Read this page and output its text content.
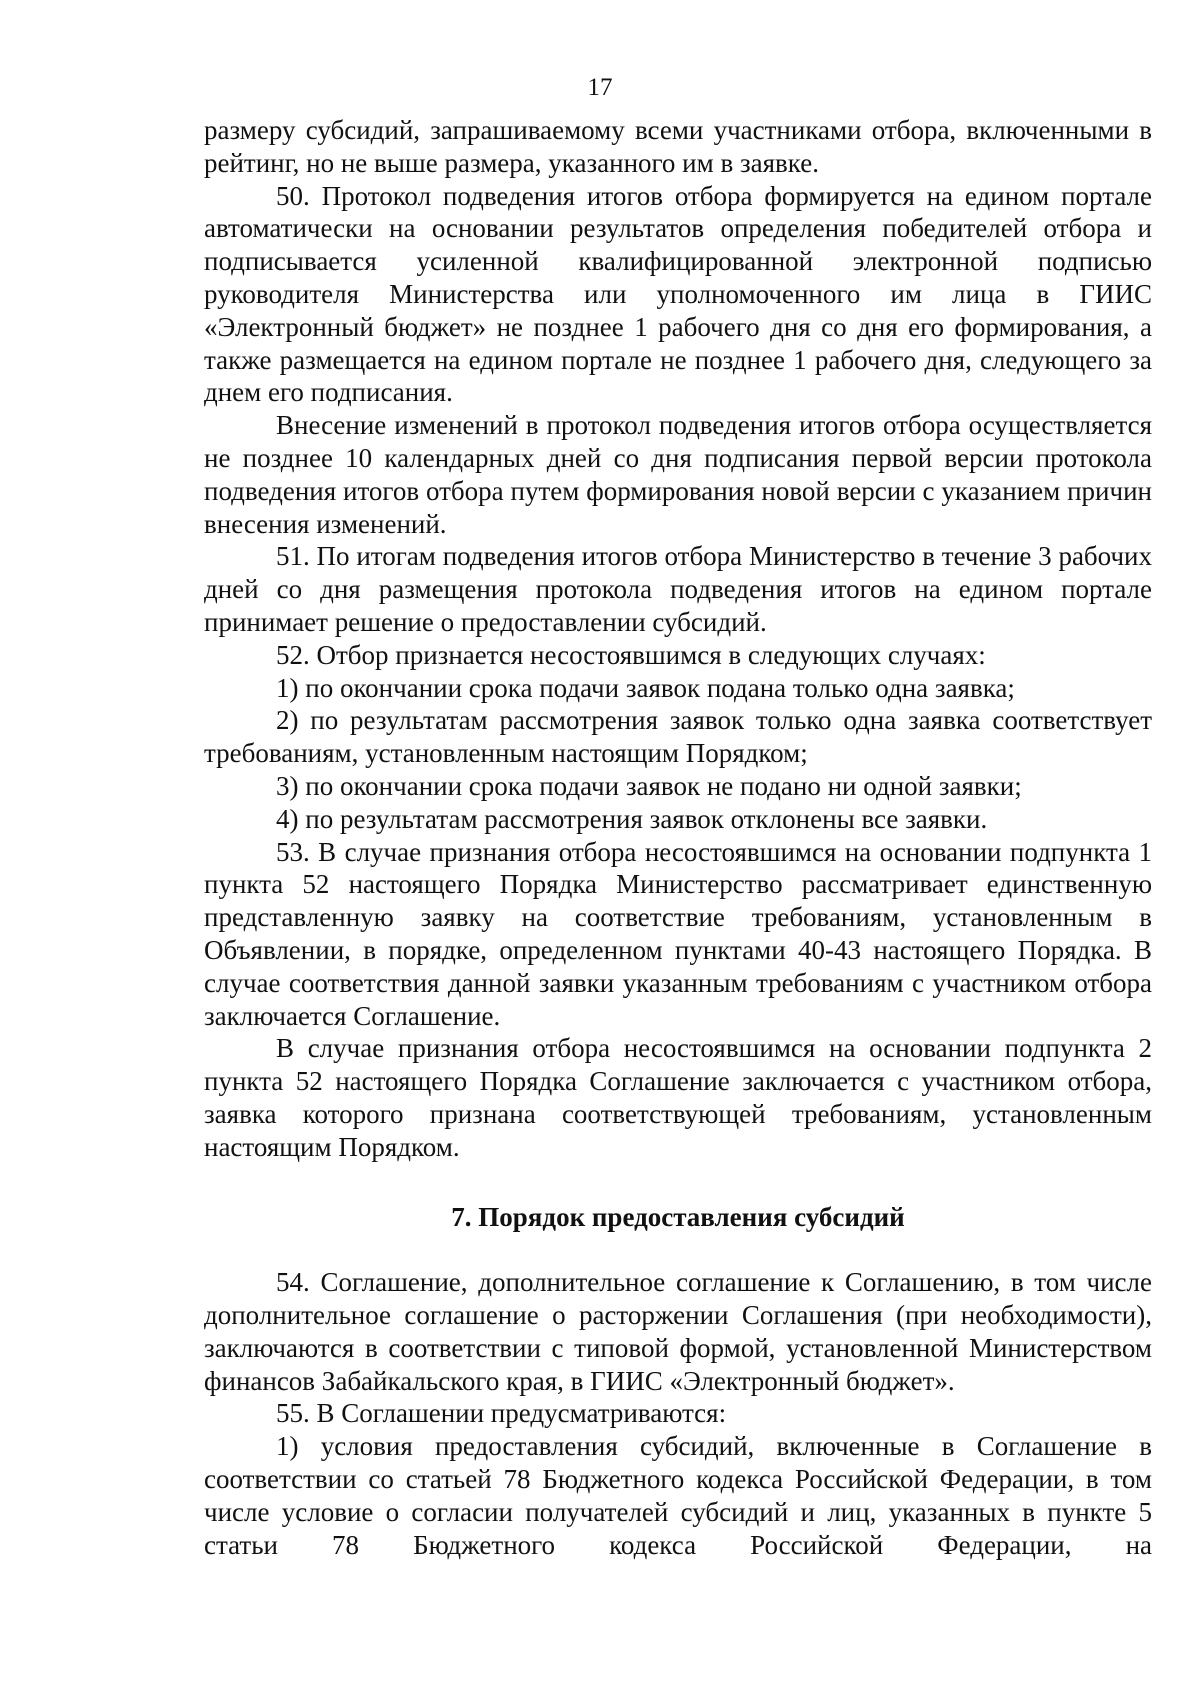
17

размеру субсидий, запрашиваемому всеми участниками отбора, включенными в рейтинг, но не выше размера, указанного им в заявке.

50. Протокол подведения итогов отбора формируется на едином портале автоматически на основании результатов определения победителей отбора и подписывается усиленной квалифицированной электронной подписью руководителя Министерства или уполномоченного им лица в ГИИС «Электронный бюджет» не позднее 1 рабочего дня со дня его формирования, а также размещается на едином портале не позднее 1 рабочего дня, следующего за днем его подписания.

Внесение изменений в протокол подведения итогов отбора осуществляется не позднее 10 календарных дней со дня подписания первой версии протокола подведения итогов отбора путем формирования новой версии с указанием причин внесения изменений.

51. По итогам подведения итогов отбора Министерство в течение 3 рабочих дней со дня размещения протокола подведения итогов на едином портале принимает решение о предоставлении субсидий.

52. Отбор признается несостоявшимся в следующих случаях:

1) по окончании срока подачи заявок подана только одна заявка;

2) по результатам рассмотрения заявок только одна заявка соответствует требованиям, установленным настоящим Порядком;

3) по окончании срока подачи заявок не подано ни одной заявки;

4) по результатам рассмотрения заявок отклонены все заявки.

53. В случае признания отбора несостоявшимся на основании подпункта 1 пункта 52 настоящего Порядка Министерство рассматривает единственную представленную заявку на соответствие требованиям, установленным в Объявлении, в порядке, определенном пунктами 40-43 настоящего Порядка. В случае соответствия данной заявки указанным требованиям с участником отбора заключается Соглашение.

В случае признания отбора несостоявшимся на основании подпункта 2 пункта 52 настоящего Порядка Соглашение заключается с участником отбора, заявка которого признана соответствующей требованиям, установленным настоящим Порядком.

7. Порядок предоставления субсидий

54. Соглашение, дополнительное соглашение к Соглашению, в том числе дополнительное соглашение о расторжении Соглашения (при необходимости), заключаются в соответствии с типовой формой, установленной Министерством финансов Забайкальского края, в ГИИС «Электронный бюджет».

55. В Соглашении предусматриваются:

1) условия предоставления субсидий, включенные в Соглашение в соответствии со статьей 78 Бюджетного кодекса Российской Федерации, в том числе условие о согласии получателей субсидий и лиц, указанных в пункте 5 статьи 78 Бюджетного кодекса Российской Федерации, на
